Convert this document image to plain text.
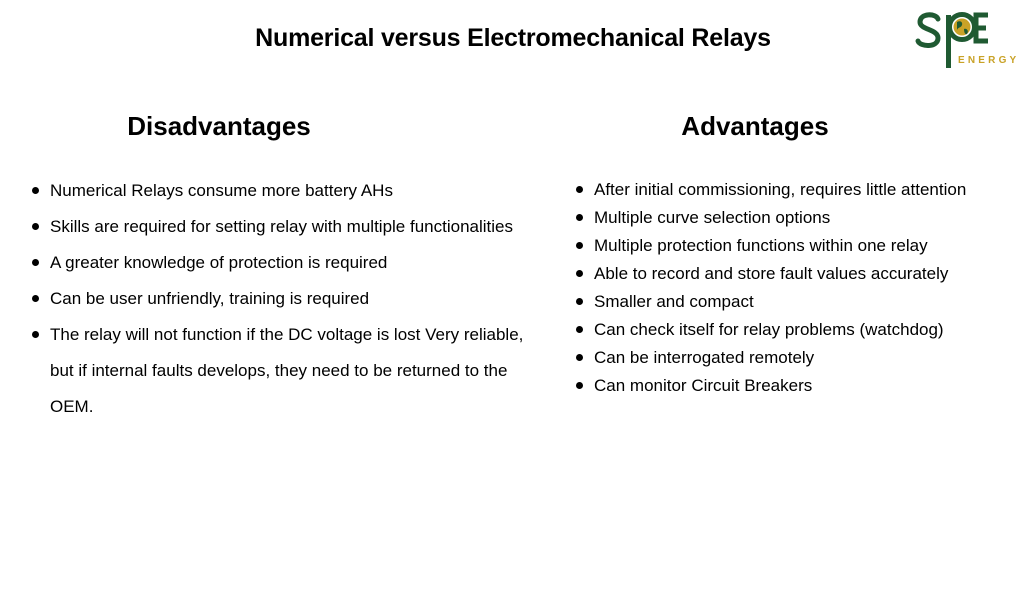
Numerical versus Electromechanical Relays
ENERGY
Disadvantages	Advantages
Numerical Relays consume more battery AHs
Skills are required for setting relay with multiple functionalities
A greater knowledge of protection is required
Can be user unfriendly, training is required
The relay will not function if the DC voltage is lost Very reliable, but if internal faults develops, they need to be returned to the OEM.
After initial commissioning, requires little attention
Multiple curve selection options
Multiple protection functions within one relay
Able to record and store fault values accurately
Smaller and compact
Can check itself for relay problems (watchdog)
Can be interrogated remotely
Can monitor Circuit Breakers
